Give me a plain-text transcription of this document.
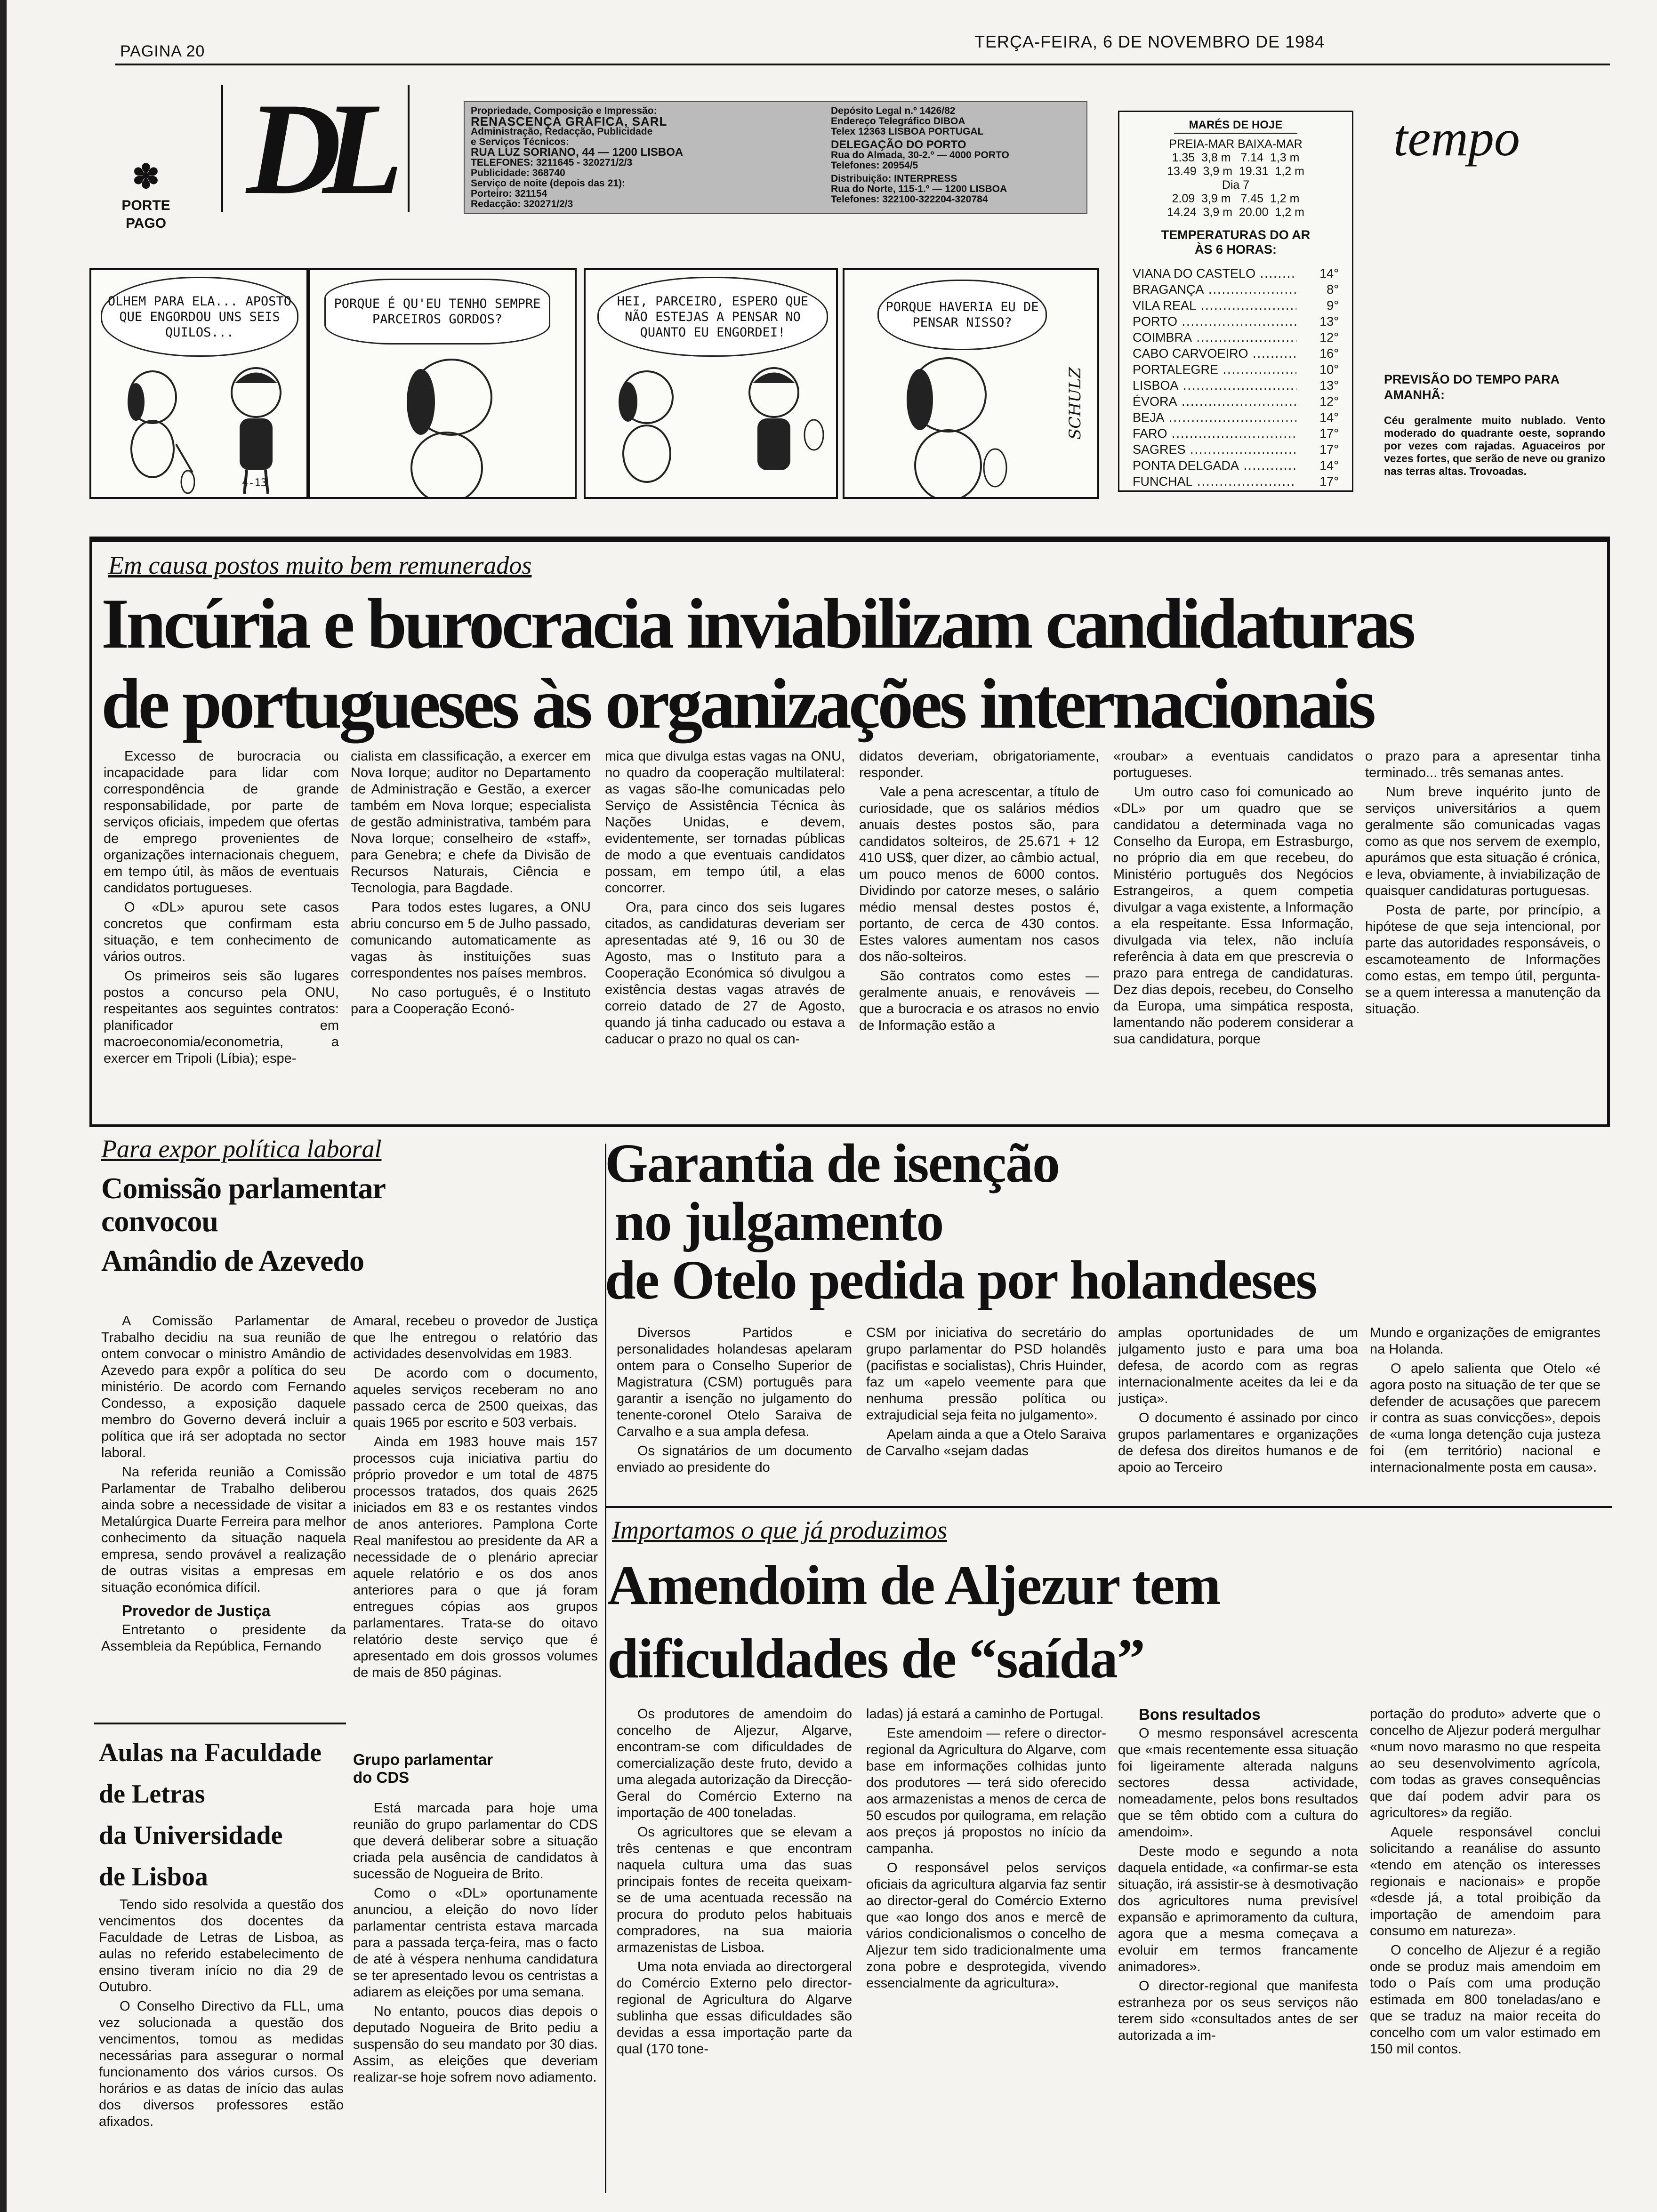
PAGINA 20	TERÇA-FEIRA, 6 DE NOVEMBRO DE 1984
DL
✽
PORTE
PAGO
Propriedade, Composição e Impressão:
RENASCENÇA GRÁFICA, SARL
Administração, Redacção, Publicidade
e Serviços Técnicos:
RUA LUZ SORIANO, 44 — 1200 LISBOA
TELEFONES: 3211645 - 320271/2/3
Publicidade: 368740
Serviço de noite (depois das 21):
Porteiro: 321154
Redacção: 320271/2/3
Depósito Legal n.º 1426/82
Endereço Telegráfico DIBOA
Telex 12363 LISBOA PORTUGAL
DELEGAÇÃO DO PORTO
Rua do Almada, 30-2.º — 4000 PORTO
Telefones: 20954/5
Distribuição: INTERPRESS
Rua do Norte, 115-1.º — 1200 LISBOA
Telefones: 322100-322204-320784
MARÉS DE HOJE
PREIA-MAR BAIXA-MAR
1.35  3,8 m   7.14  1,3 m
13.49  3,9 m  19.31  1,2 m
Dia 7
2.09  3,9 m   7.45  1,2 m
14.24  3,9 m  20.00  1,2 m
TEMPERATURAS DO AR
ÀS 6 HORAS:
VIANA DO CASTELO .....	14°
BRAGANÇA .....	8°
VILA REAL .....	9°
PORTO .....	13°
COIMBRA .....	12°
CABO CARVOEIRO .....	16°
PORTALEGRE .....	10°
LISBOA .....	13°
ÉVORA .....	12°
BEJA .....	14°
FARO .....	17°
SAGRES .....	17°
PONTA DELGADA .....	14°
FUNCHAL .....	17°
tempo
PREVISÃO DO TEMPO PARA AMANHÃ:
Céu geralmente muito nublado. Vento moderado do quadrante oeste, soprando por vezes com rajadas. Aguaceiros por vezes fortes, que serão de neve ou granizo nas terras altas. Trovoadas.
OLHEM PARA ELA... APOSTO QUE ENGORDOU UNS SEIS QUILOS...
4-13
PORQUE É QU'EU TENHO SEMPRE PARCEIROS GORDOS?
HEI, PARCEIRO, ESPERO QUE NÃO ESTEJAS A PENSAR NO QUANTO EU ENGORDEI!
PORQUE HAVERIA EU DE PENSAR NISSO?
SCHULZ
Em causa postos muito bem remunerados
Incúria e burocracia inviabilizam candidaturas
de portugueses às organizações internacionais

Excesso de burocracia ou incapacidade para lidar com correspondência de grande responsabilidade, por parte de serviços oficiais, impedem que ofertas de emprego provenientes de organizações internacionais cheguem, em tempo útil, às mãos de eventuais candidatos portugueses.

O «DL» apurou sete casos concretos que confirmam esta situação, e tem conhecimento de vários outros.

Os primeiros seis são lugares postos a concurso pela ONU, respeitantes aos seguintes contratos: planificador em macroeconomia/econometria, a exercer em Tripoli (Líbia); espe-

cialista em classificação, a exercer em Nova Iorque; auditor no Departamento de Administração e Gestão, a exercer também em Nova Iorque; especialista de gestão administrativa, também para Nova Iorque; conselheiro de «staff», para Genebra; e chefe da Divisão de Recursos Naturais, Ciência e Tecnologia, para Bagdade.

Para todos estes lugares, a ONU abriu concurso em 5 de Julho passado, comunicando automaticamente as vagas às instituições suas correspondentes nos países membros.

No caso português, é o Instituto para a Cooperação Econó-

mica que divulga estas vagas na ONU, no quadro da cooperação multilateral: as vagas são-lhe comunicadas pelo Serviço de Assistência Técnica às Nações Unidas, e devem, evidentemente, ser tornadas públicas de modo a que eventuais candidatos possam, em tempo útil, a elas concorrer.

Ora, para cinco dos seis lugares citados, as candidaturas deveriam ser apresentadas até 9, 16 ou 30 de Agosto, mas o Instituto para a Cooperação Económica só divulgou a existência destas vagas através de correio datado de 27 de Agosto, quando já tinha caducado ou estava a caducar o prazo no qual os can-

didatos deveriam, obrigatoriamente, responder.

Vale a pena acrescentar, a título de curiosidade, que os salários médios anuais destes postos são, para candidatos solteiros, de 25.671 + 12 410 US$, quer dizer, ao câmbio actual, um pouco menos de 6000 contos. Dividindo por catorze meses, o salário médio mensal destes postos é, portanto, de cerca de 430 contos. Estes valores aumentam nos casos dos não-solteiros.

São contratos como estes — geralmente anuais, e renováveis — que a burocracia e os atrasos no envio de Informação estão a

«roubar» a eventuais candidatos portugueses.

Um outro caso foi comunicado ao «DL» por um quadro que se candidatou a determinada vaga no Conselho da Europa, em Estrasburgo, no próprio dia em que recebeu, do Ministério português dos Negócios Estrangeiros, a quem competia divulgar a vaga existente, a Informação a ela respeitante. Essa Informação, divulgada via telex, não incluía referência à data em que prescrevia o prazo para entrega de candidaturas. Dez dias depois, recebeu, do Conselho da Europa, uma simpática resposta, lamentando não poderem considerar a sua candidatura, porque

o prazo para a apresentar tinha terminado... três semanas antes.

Num breve inquérito junto de serviços universitários a quem geralmente são comunicadas vagas como as que nos servem de exemplo, apurámos que esta situação é crónica, e leva, obviamente, à inviabilização de quaisquer candidaturas portuguesas.

Posta de parte, por princípio, a hipótese de que seja intencional, por parte das autoridades responsáveis, o escamoteamento de Informações como estas, em tempo útil, pergunta-se a quem interessa a manutenção da situação.

Para expor política laboral
Comissão parlamentar
convocou
Amândio de Azevedo

A Comissão Parlamentar de Trabalho decidiu na sua reunião de ontem convocar o ministro Amândio de Azevedo para expôr a política do seu ministério. De acordo com Fernando Condesso, a exposição daquele membro do Governo deverá incluir a política que irá ser adoptada no sector laboral.

Na referida reunião a Comissão Parlamentar de Trabalho deliberou ainda sobre a necessidade de visitar a Metalúrgica Duarte Ferreira para melhor conhecimento da situação naquela empresa, sendo provável a realização de outras visitas a empresas em situação económica difícil.

Provedor de Justiça

Entretanto o presidente da Assembleia da República, Fernando

Amaral, recebeu o provedor de Justiça que lhe entregou o relatório das actividades desenvolvidas em 1983.

De acordo com o documento, aqueles serviços receberam no ano passado cerca de 2500 queixas, das quais 1965 por escrito e 503 verbais.

Ainda em 1983 houve mais 157 processos cuja iniciativa partiu do próprio provedor e um total de 4875 processos tratados, dos quais 2625 iniciados em 83 e os restantes vindos de anos anteriores. Pamplona Corte Real manifestou ao presidente da AR a necessidade de o plenário apreciar aquele relatório e os dos anos anteriores para o que já foram entregues cópias aos grupos parlamentares. Trata-se do oitavo relatório deste serviço que é apresentado em dois grossos volumes de mais de 850 páginas.

Garantia de isenção
no julgamento
de Otelo pedida por holandeses

Diversos Partidos e personalidades holandesas apelaram ontem para o Conselho Superior de Magistratura (CSM) português para garantir a isenção no julgamento do tenente-coronel Otelo Saraiva de Carvalho e a sua ampla defesa.

Os signatários de um documento enviado ao presidente do

CSM por iniciativa do secretário do grupo parlamentar do PSD holandês (pacifistas e socialistas), Chris Huinder, faz um «apelo veemente para que nenhuma pressão política ou extrajudicial seja feita no julgamento».

Apelam ainda a que a Otelo Saraiva de Carvalho «sejam dadas

amplas oportunidades de um julgamento justo e para uma boa defesa, de acordo com as regras internacionalmente aceites da lei e da justiça».

O documento é assinado por cinco grupos parlamentares e organizações de defesa dos direitos humanos e de apoio ao Terceiro

Mundo e organizações de emigrantes na Holanda.

O apelo salienta que Otelo «é agora posto na situação de ter que se defender de acusações que parecem ir contra as suas convicções», depois de «uma longa detenção cuja justeza foi (em território) nacional e internacionalmente posta em causa».

Importamos o que já produzimos
Amendoim de Aljezur tem
dificuldades de “saída”

Os produtores de amendoim do concelho de Aljezur, Algarve, encontram-se com dificuldades de comercialização deste fruto, devido a uma alegada autorização da Direcção-Geral do Comércio Externo na importação de 400 toneladas.

Os agricultores que se elevam a três centenas e que encontram naquela cultura uma das suas principais fontes de receita queixam-se de uma acentuada recessão na procura do produto pelos habituais compradores, na sua maioria armazenistas de Lisboa.

Uma nota enviada ao directorgeral do Comércio Externo pelo director-regional de Agricultura do Algarve sublinha que essas dificuldades são devidas a essa importação parte da qual (170 tone-

ladas) já estará a caminho de Portugal.

Este amendoim — refere o director-regional da Agricultura do Algarve, com base em informações colhidas junto dos produtores — terá sido oferecido aos armazenistas a menos de cerca de 50 escudos por quilograma, em relação aos preços já propostos no início da campanha.

O responsável pelos serviços oficiais da agricultura algarvia faz sentir ao director-geral do Comércio Externo que «ao longo dos anos e mercê de vários condicionalismos o concelho de Aljezur tem sido tradicionalmente uma zona pobre e desprotegida, vivendo essencialmente da agricultura».

Bons resultados

O mesmo responsável acrescenta que «mais recentemente essa situação foi ligeiramente alterada nalguns sectores dessa actividade, nomeadamente, pelos bons resultados que se têm obtido com a cultura do amendoim».

Deste modo e segundo a nota daquela entidade, «a confirmar-se esta situação, irá assistir-se à desmotivação dos agricultores numa previsível expansão e aprimoramento da cultura, agora que a mesma começava a evoluir em termos francamente animadores».

O director-regional que manifesta estranheza por os seus serviços não terem sido «consultados antes de ser autorizada a im-

portação do produto» adverte que o concelho de Aljezur poderá mergulhar «num novo marasmo no que respeita ao seu desenvolvimento agrícola, com todas as graves consequências que daí podem advir para os agricultores» da região.

Aquele responsável conclui solicitando a reanálise do assunto «tendo em atenção os interesses regionais e nacionais» e propõe «desde já, a total proibição da importação de amendoim para consumo em natureza».

O concelho de Aljezur é a região onde se produz mais amendoim em todo o País com uma produção estimada em 800 toneladas/ano e que se traduz na maior receita do concelho com um valor estimado em 150 mil contos.

Aulas na Faculdade
de Letras
da Universidade
de Lisboa

Tendo sido resolvida a questão dos vencimentos dos docentes da Faculdade de Letras de Lisboa, as aulas no referido estabelecimento de ensino tiveram início no dia 29 de Outubro.

O Conselho Directivo da FLL, uma vez solucionada a questão dos vencimentos, tomou as medidas necessárias para assegurar o normal funcionamento dos vários cursos. Os horários e as datas de início das aulas dos diversos professores estão afixados.

Grupo parlamentar
do CDS

Está marcada para hoje uma reunião do grupo parlamentar do CDS que deverá deliberar sobre a situação criada pela ausência de candidatos à sucessão de Nogueira de Brito.

Como o «DL» oportunamente anunciou, a eleição do novo líder parlamentar centrista estava marcada para a passada terça-feira, mas o facto de até à véspera nenhuma candidatura se ter apresentado levou os centristas a adiarem as eleições por uma semana.

No entanto, poucos dias depois o deputado Nogueira de Brito pediu a suspensão do seu mandato por 30 dias. Assim, as eleições que deveriam realizar-se hoje sofrem novo adiamento.
